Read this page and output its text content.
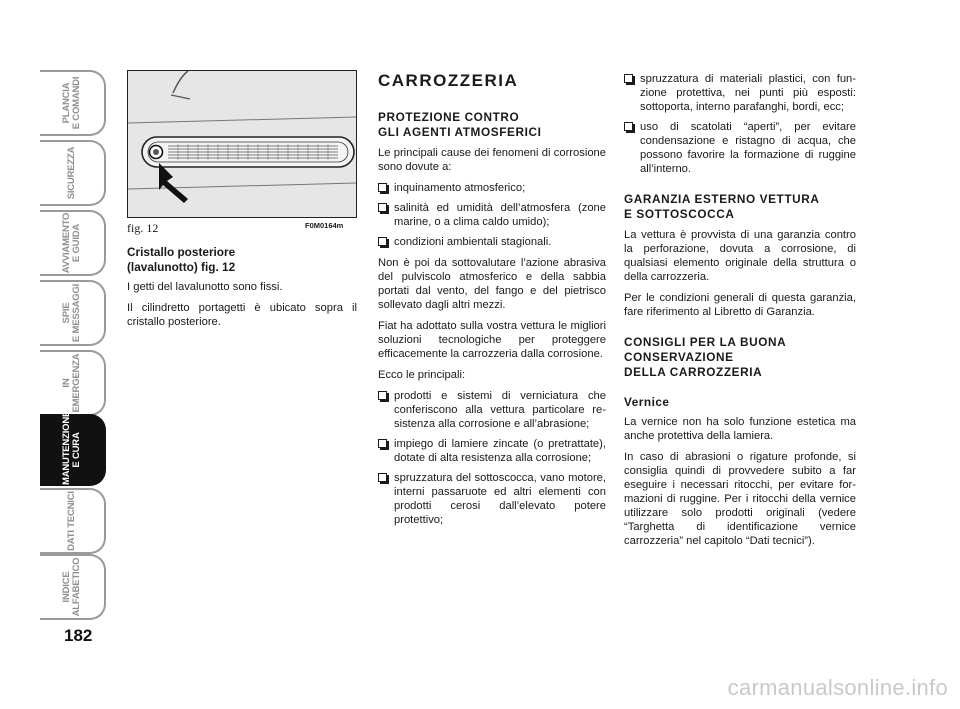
PLANCIA
E COMANDI
SICUREZZA
AVVIAMENTO
E GUIDA
SPIE
E MESSAGGI
IN
EMERGENZA
MANUTENZIONE
E CURA
DATI TECNICI
INDICE
ALFABETICO
182
fig. 12	F0M0164m
Cristallo posteriore
(lavalunotto) fig. 12

I getti del lavalunotto sono fissi.

Il cilindretto portagetti è ubicato sopra il cristallo posteriore.

CARROZZERIA
PROTEZIONE CONTRO
GLI AGENTI ATMOSFERICI

Le principali cause dei fenomeni di corrosione sono dovute a:

inquinamento atmosferico;
salinità ed umidità dell’atmosfera (zone marine, o a clima caldo umido);
condizioni ambientali stagionali.

Non è poi da sottovalutare l’azione abrasiva del pulviscolo atmosferico e della sabbia portati dal vento, del fango e del pietrisco sollevato dagli altri mezzi.

Fiat ha adottato sulla vostra vettura le migliori soluzioni tecnologiche per proteggere efficacemente la carrozzeria dalla corrosione.

Ecco le principali:

prodotti e sistemi di verniciatura che conferiscono alla vettura particolare resistenza alla corrosione e all’abrasione;
impiego di lamiere zincate (o pretrattate), dotate di alta resistenza alla corrosione;
spruzzatura del sottoscocca, vano motore, interni passaruote ed altri elementi con prodotti cerosi dall’elevato potere protettivo;
spruzzatura di materiali plastici, con funzione protettiva, nei punti più esposti: sottoporta, interno parafanghi, bordi, ecc;
uso di scatolati “aperti”, per evitare condensazione e ristagno di acqua, che possono favorire la formazione di ruggine all’interno.
GARANZIA ESTERNO VETTURA
E SOTTOSCOCCA

La vettura è provvista di una garanzia contro la perforazione, dovuta a corrosione, di qualsiasi elemento originale della struttura o della carrozzeria.

Per le condizioni generali di questa garanzia, fare riferimento al Libretto di Garanzia.

CONSIGLI PER LA BUONA
CONSERVAZIONE
DELLA CARROZZERIA
Vernice

La vernice non ha solo funzione estetica ma anche protettiva della lamiera.

In caso di abrasioni o rigature profonde, si consiglia quindi di provvedere subito a far eseguire i necessari ritocchi, per evitare formazioni di ruggine. Per i ritocchi della vernice utilizzare solo prodotti originali (vedere “Targhetta di identificazione vernice carrozzeria” nel capitolo “Dati tecnici”).

carmanualsonline.info
